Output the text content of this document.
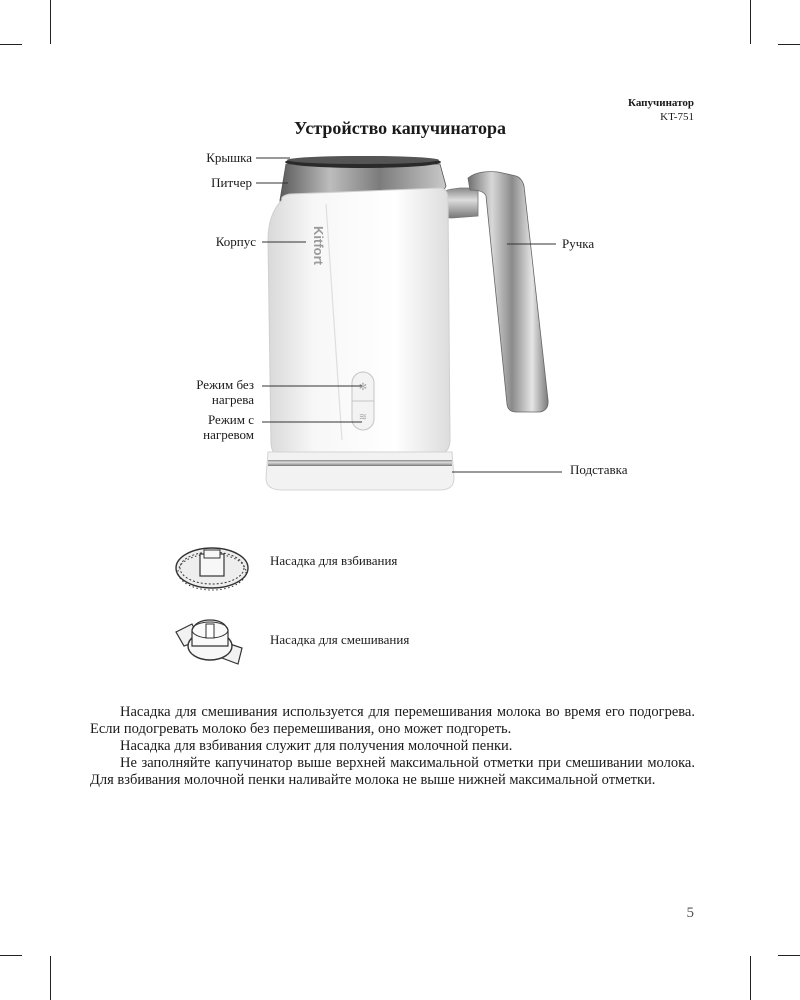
Капучинатор
KT-751
Устройство капучинатора
✻
≋
Крышка
Питчер
Корпус	Ручка
Режим без нагрева
Режим с нагревом
Подставка
Kitfort
Насадка для взбивания
Насадка для смешивания

Насадка для смешивания используется для перемешивания молока во время его подогрева. Если подогревать молоко без перемешивания, оно может подгореть.

Насадка для взбивания служит для получения молочной пенки.

Не заполняйте капучинатор выше верхней максимальной отметки при смешивании молока. Для взбивания молочной пенки наливайте молока не выше нижней максимальной отметки.

5
